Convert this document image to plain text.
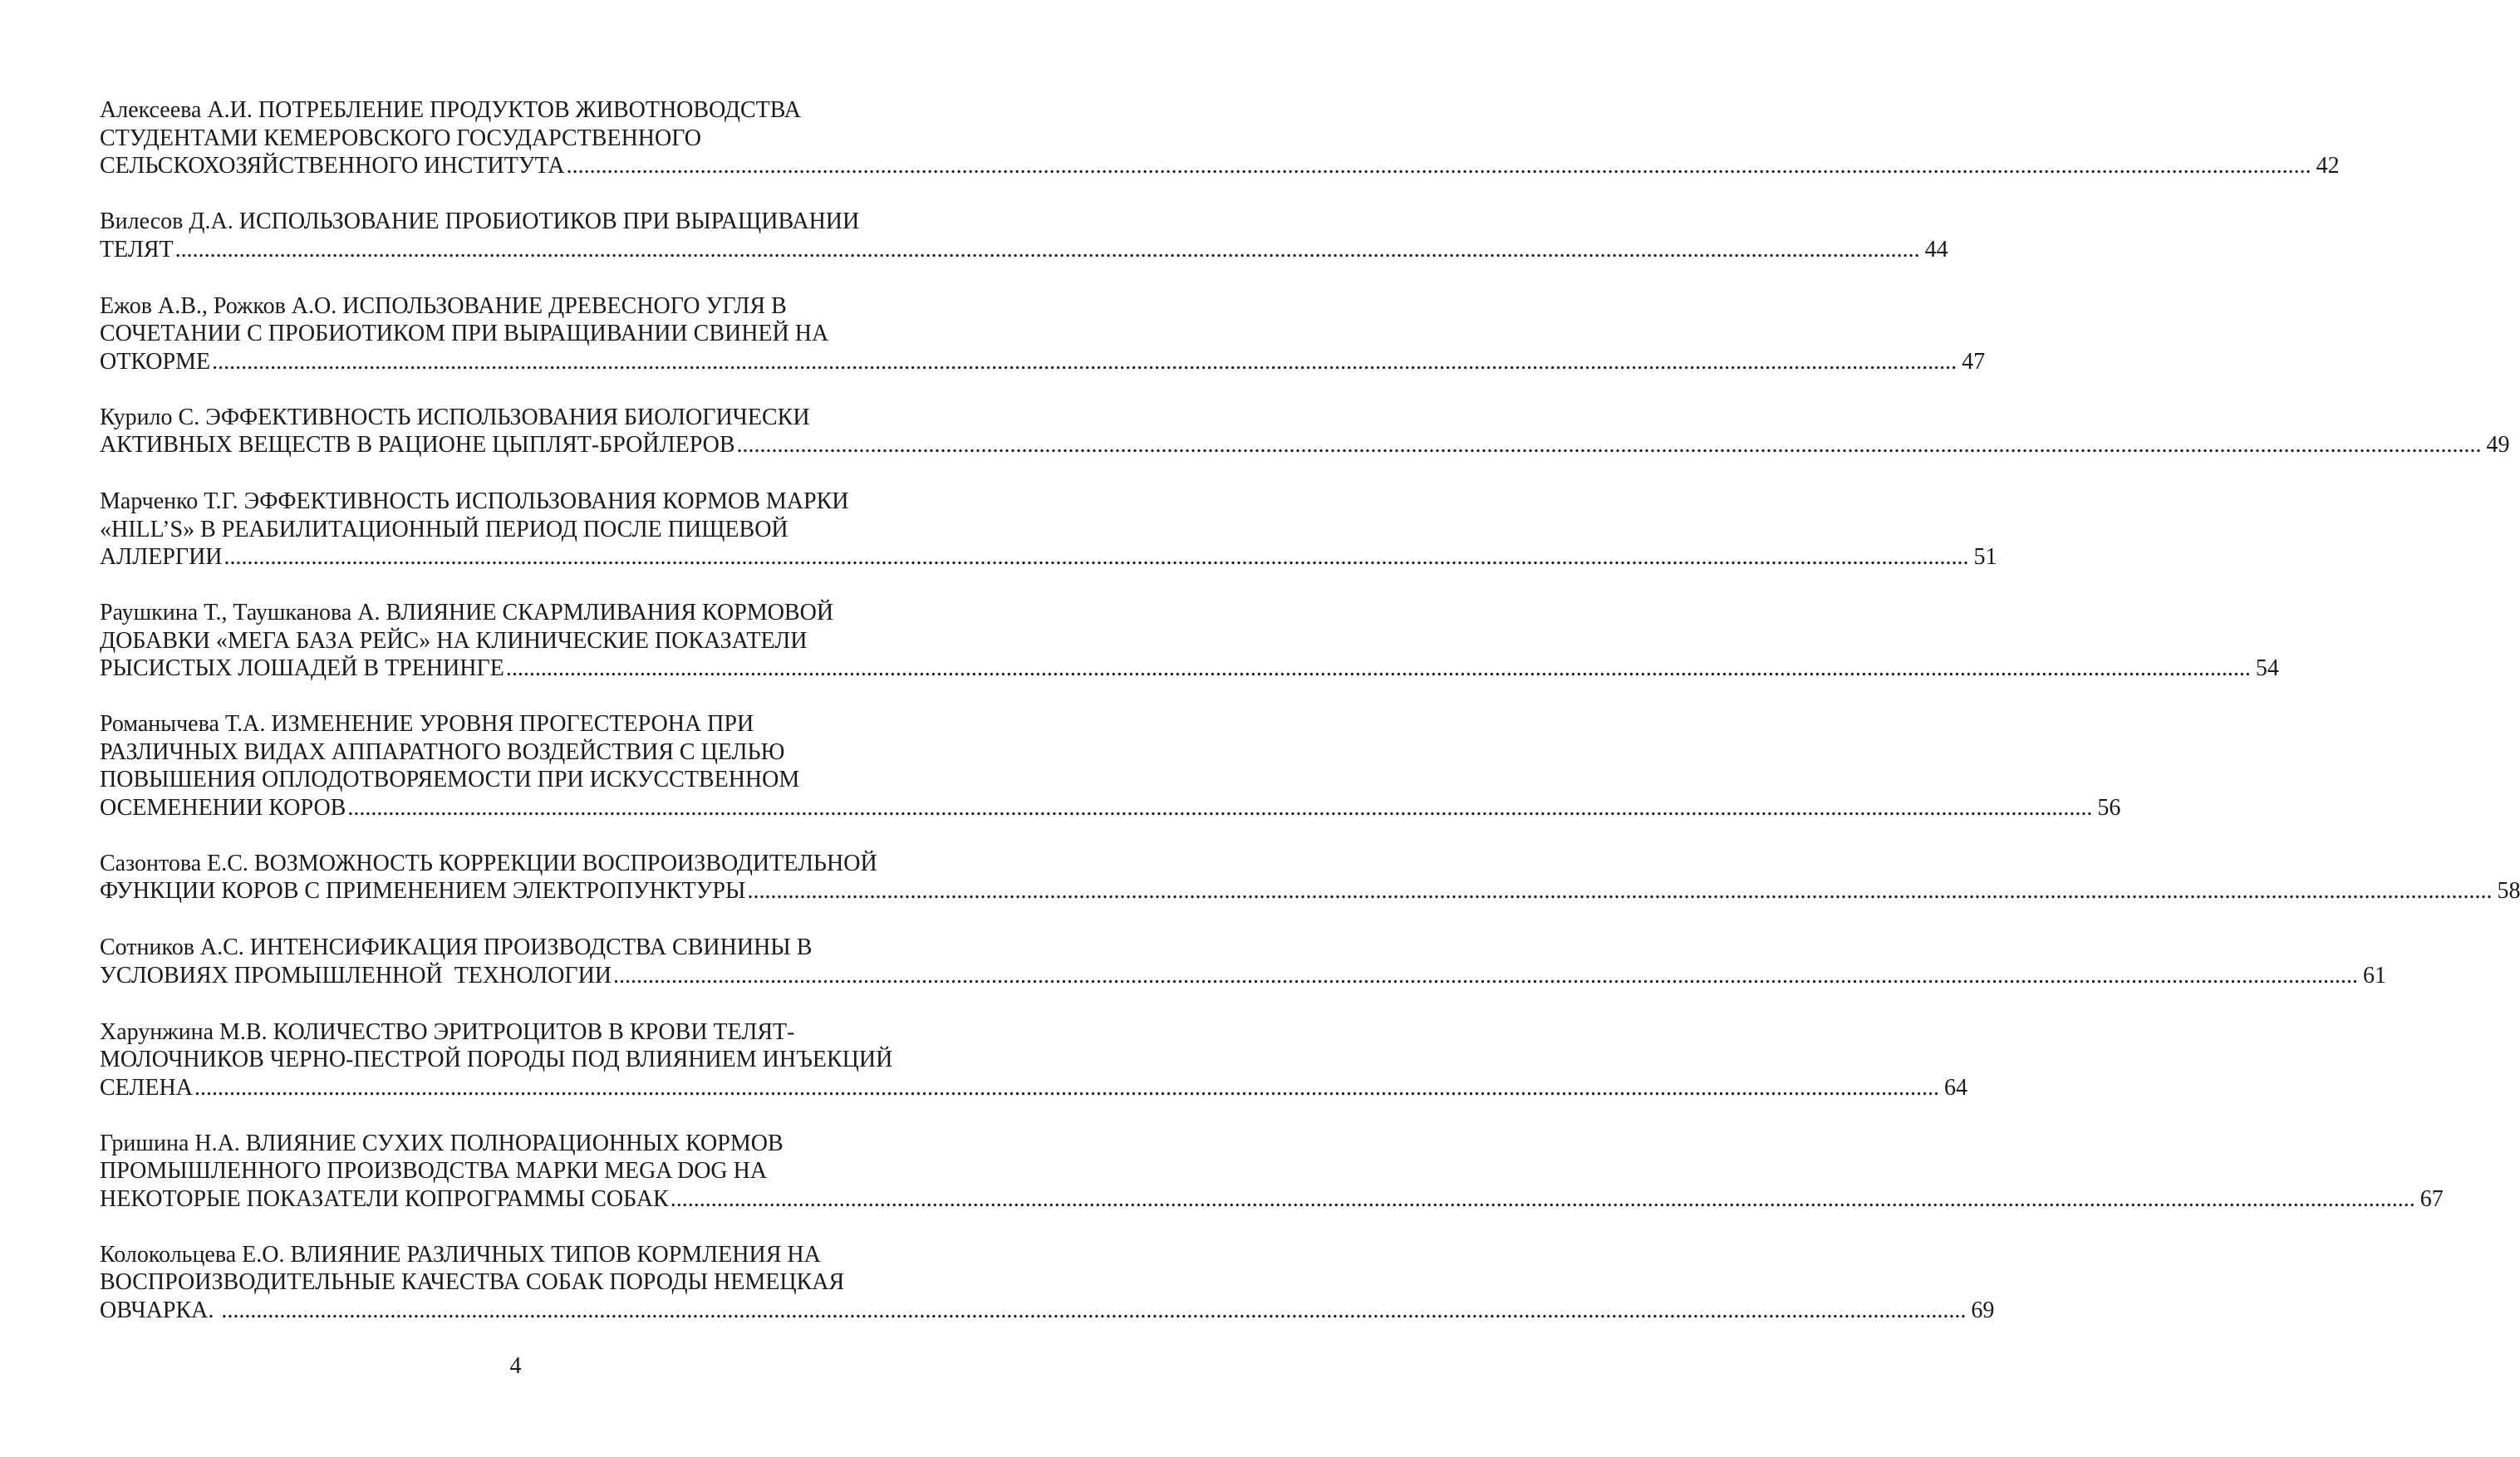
Алексеева А.И. ПОТРЕБЛЕНИЕ ПРОДУКТОВ ЖИВОТНОВОДСТВА
СТУДЕНТАМИ КЕМЕРОВСКОГО ГОСУДАРСТВЕННОГО
СЕЛЬСКОХОЗЯЙСТВЕННОГО ИНСТИТУТА ............................................................................................................................................................................................................................................................................................................ 42
Вилесов Д.А. ИСПОЛЬЗОВАНИЕ ПРОБИОТИКОВ ПРИ ВЫРАЩИВАНИИ
ТЕЛЯТ ............................................................................................................................................................................................................................................................................................................ 44
Ежов А.В., Рожков А.О. ИСПОЛЬЗОВАНИЕ ДРЕВЕСНОГО УГЛЯ В
СОЧЕТАНИИ С ПРОБИОТИКОМ ПРИ ВЫРАЩИВАНИИ СВИНЕЙ НА
ОТКОРМЕ ............................................................................................................................................................................................................................................................................................................ 47
Курило С. ЭФФЕКТИВНОСТЬ ИСПОЛЬЗОВАНИЯ БИОЛОГИЧЕСКИ
АКТИВНЫХ ВЕЩЕСТВ В РАЦИОНЕ ЦЫПЛЯТ-БРОЙЛЕРОВ ............................................................................................................................................................................................................................................................................................................ 49
Марченко Т.Г. ЭФФЕКТИВНОСТЬ ИСПОЛЬЗОВАНИЯ КОРМОВ МАРКИ
«HILL’S» В РЕАБИЛИТАЦИОННЫЙ ПЕРИОД ПОСЛЕ ПИЩЕВОЙ
АЛЛЕРГИИ ............................................................................................................................................................................................................................................................................................................ 51
Раушкина Т., Таушканова А. ВЛИЯНИЕ СКАРМЛИВАНИЯ КОРМОВОЙ
ДОБАВКИ «МЕГА БАЗА РЕЙС» НА КЛИНИЧЕСКИЕ ПОКАЗАТЕЛИ
РЫСИСТЫХ ЛОШАДЕЙ В ТРЕНИНГЕ ............................................................................................................................................................................................................................................................................................................ 54
Романычева Т.А. ИЗМЕНЕНИЕ УРОВНЯ ПРОГЕСТЕРОНА ПРИ
РАЗЛИЧНЫХ ВИДАХ АППАРАТНОГО ВОЗДЕЙСТВИЯ С ЦЕЛЬЮ
ПОВЫШЕНИЯ ОПЛОДОТВОРЯЕМОСТИ ПРИ ИСКУССТВЕННОМ
ОСЕМЕНЕНИИ КОРОВ ............................................................................................................................................................................................................................................................................................................ 56
Сазонтова Е.С. ВОЗМОЖНОСТЬ КОРРЕКЦИИ ВОСПРОИЗВОДИТЕЛЬНОЙ
ФУНКЦИИ КОРОВ С ПРИМЕНЕНИЕМ ЭЛЕКТРОПУНКТУРЫ ............................................................................................................................................................................................................................................................................................................ 58
Сотников А.С. ИНТЕНСИФИКАЦИЯ ПРОИЗВОДСТВА СВИНИНЫ В
УСЛОВИЯХ ПРОМЫШЛЕННОЙ  ТЕХНОЛОГИИ ............................................................................................................................................................................................................................................................................................................ 61
Харунжина М.В. КОЛИЧЕСТВО ЭРИТРОЦИТОВ В КРОВИ ТЕЛЯТ-
МОЛОЧНИКОВ ЧЕРНО-ПЕСТРОЙ ПОРОДЫ ПОД ВЛИЯНИЕМ ИНЪЕКЦИЙ
СЕЛЕНА ............................................................................................................................................................................................................................................................................................................ 64
Гришина Н.А. ВЛИЯНИЕ СУХИХ ПОЛНОРАЦИОННЫХ КОРМОВ
ПРОМЫШЛЕННОГО ПРОИЗВОДСТВА МАРКИ MEGA DOG НА
НЕКОТОРЫЕ ПОКАЗАТЕЛИ КОПРОГРАММЫ СОБАК ............................................................................................................................................................................................................................................................................................................ 67
Колокольцева Е.О. ВЛИЯНИЕ РАЗЛИЧНЫХ ТИПОВ КОРМЛЕНИЯ НА
ВОСПРОИЗВОДИТЕЛЬНЫЕ КАЧЕСТВА СОБАК ПОРОДЫ НЕМЕЦКАЯ
ОВЧАРКА. ............................................................................................................................................................................................................................................................................................................ 69
4
